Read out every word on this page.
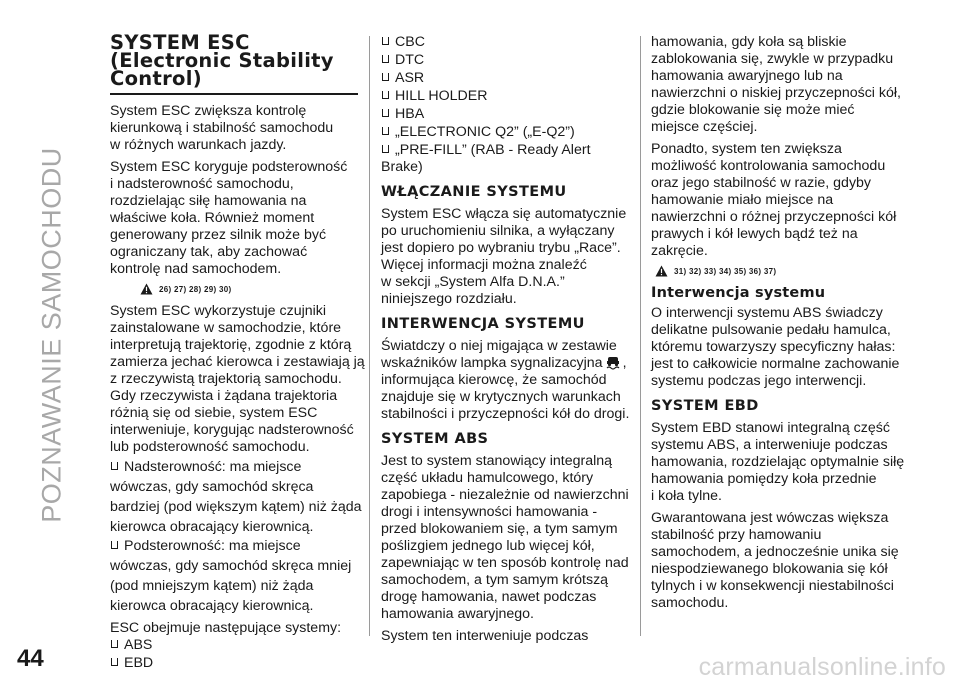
POZNAWANIE SAMOCHODU
SYSTEM ESC
(Electronic Stability
Control)

System ESC zwiększa kontrolę
kierunkową i stabilność samochodu
w różnych warunkach jazdy.

System ESC koryguje podsterowność
i nadsterowność samochodu,
rozdzielając siłę hamowania na
właściwe koła. Również moment
generowany przez silnik może być
ograniczany tak, aby zachować
kontrolę nad samochodem.

26) 27) 28) 29) 30)

System ESC wykorzystuje czujniki
zainstalowane w samochodzie, które
interpretują trajektorię, zgodnie z którą
zamierza jechać kierowca i zestawiają ją
z rzeczywistą trajektorią samochodu.
Gdy rzeczywista i żądana trajektoria
różnią się od siebie, system ESC
interweniuje, korygując nadsterowność
lub podsterowność samochodu.

Nadsterowność: ma miejsce
wówczas, gdy samochód skręca
bardziej (pod większym kątem) niż żąda
kierowca obracający kierownicą.
Podsterowność: ma miejsce
wówczas, gdy samochód skręca mniej
(pod mniejszym kątem) niż żąda
kierowca obracający kierownicą.

ESC obejmuje następujące systemy:

ABS
EBD
CBC
DTC
ASR
HILL HOLDER
HBA
„ELECTRONIC Q2” („E-Q2”)
„PRE-FILL” (RAB - Ready Alert
Brake)
WŁĄCZANIE SYSTEMU

System ESC włącza się automatycznie
po uruchomieniu silnika, a wyłączany
jest dopiero po wybraniu trybu „Race”.
Więcej informacji można znaleźć
w sekcji „System Alfa D.N.A.”
niniejszego rozdziału.

INTERWENCJA SYSTEMU

Światdczy o niej migająca w zestawie
wskaźników lampka sygnalizacyjna ,
informująca kierowcę, że samochód
znajduje się w krytycznych warunkach
stabilności i przyczepności kół do drogi.

SYSTEM ABS

Jest to system stanowiący integralną
część układu hamulcowego, który
zapobiega - niezależnie od nawierzchni
drogi i intensywności hamowania -
przed blokowaniem się, a tym samym
poślizgiem jednego lub więcej kół,
zapewniając w ten sposób kontrolę nad
samochodem, a tym samym krótszą
drogę hamowania, nawet podczas
hamowania awaryjnego.

System ten interweniuje podczas

hamowania, gdy koła są bliskie
zablokowania się, zwykle w przypadku
hamowania awaryjnego lub na
nawierzchni o niskiej przyczepności kół,
gdzie blokowanie się może mieć
miejsce częściej.

Ponadto, system ten zwiększa
możliwość kontrolowania samochodu
oraz jego stabilność w razie, gdyby
hamowanie miało miejsce na
nawierzchni o różnej przyczepności kół
prawych i kół lewych bądź też na
zakręcie.

31) 32) 33) 34) 35) 36) 37)
Interwencja systemu

O interwencji systemu ABS świadczy
delikatne pulsowanie pedału hamulca,
któremu towarzyszy specyficzny hałas:
jest to całkowicie normalne zachowanie
systemu podczas jego interwencji.

SYSTEM EBD

System EBD stanowi integralną część
systemu ABS, a interweniuje podczas
hamowania, rozdzielając optymalnie siłę
hamowania pomiędzy koła przednie
i koła tylne.

Gwarantowana jest wówczas większa
stabilność przy hamowaniu
samochodem, a jednocześnie unika się
niespodziewanego blokowania się kół
tylnych i w konsekwencji niestabilności
samochodu.

44	carmanualsonline.info
